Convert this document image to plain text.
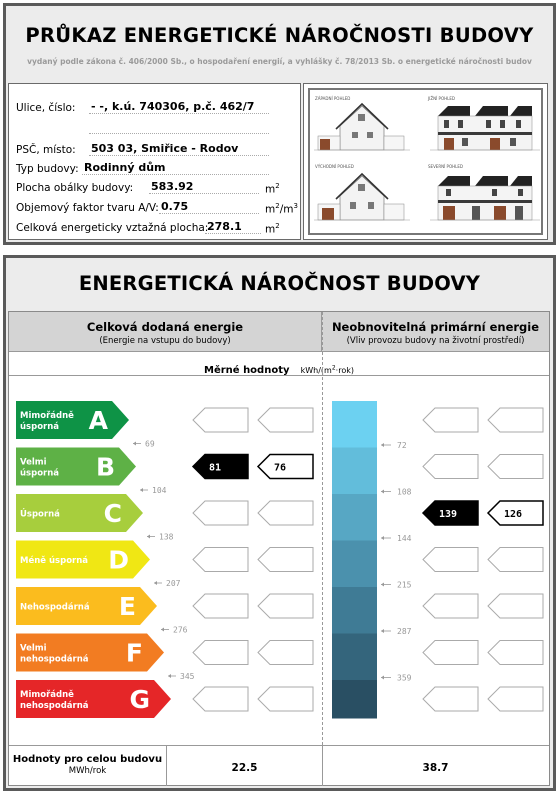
PRŮKAZ ENERGETICKÉ NÁROČNOSTI BUDOVY
vydaný podle zákona č. 406/2000 Sb., o hospodaření energií, a vyhlášky č. 78/2013 Sb. o energetické náročnosti budov
Ulice, číslo: - -, k.ú. 740306, p.č. 462/7
PSČ, místo: 503 03, Smiřice - Rodov
Typ budovy: Rodinný dům
Plocha obálky budovy: 583.92	$m^2$
Objemový faktor tvaru A/V: 0.75	$m^2/m^3$
Celková energeticky vztažná plocha:
278.1 $m^2$
ZÁPADNÍ POHLED	JIŽNÍ POHLED
VÝCHODNÍ POHLED	SEVERNÍ POHLED
ENERGETICKÁ NÁROČNOST BUDOVY
Celková dodaná energie
(Energie na vstupu do budovy)
Neobnovitelná primární energie
(Vliv provozu budovy na životní prostředí)
Měrné hodnoty kWh/$(m^2\cdot rok)$
Hodnoty pro celou budovu
MWh/rok	22.5	38.7
Mimořádně
úsporná A
Velmi
úsporná B
Úsporná C
Méně úsporná D
Nehospodárná E
Velmi
nehospodárná F
Mimořádně
nehospodárná G
69
104
138
207
276
345
72
108
144
215
287
359
81	76
139	126
